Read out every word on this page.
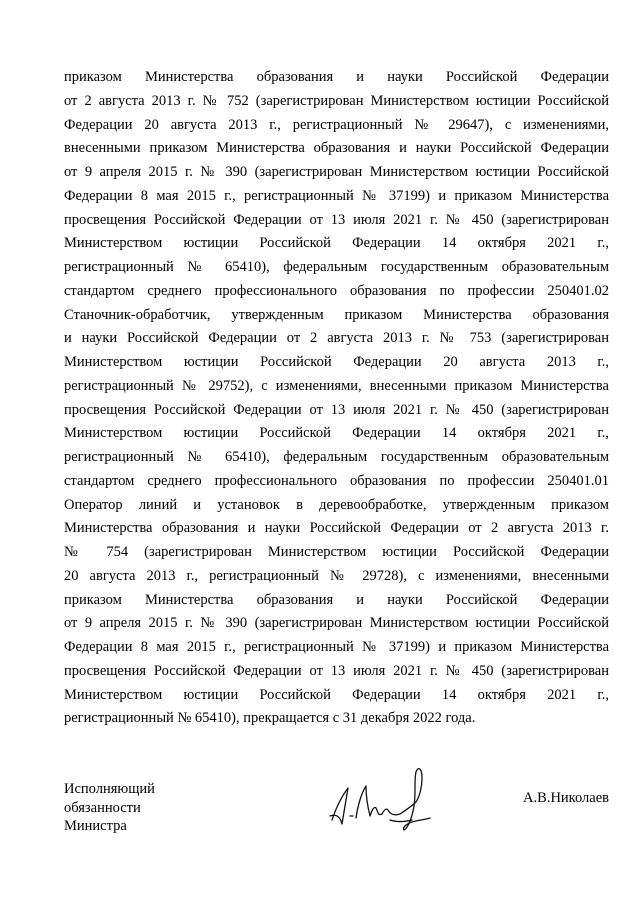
приказом Министерства образования и науки Российской Федерации
от 2 августа 2013 г. № 752 (зарегистрирован Министерством юстиции Российской
Федерации 20 августа 2013 г., регистрационный № 29647), с изменениями,
внесенными приказом Министерства образования и науки Российской Федерации
от 9 апреля 2015 г. № 390 (зарегистрирован Министерством юстиции Российской
Федерации 8 мая 2015 г., регистрационный № 37199) и приказом Министерства
просвещения Российской Федерации от 13 июля 2021 г. № 450 (зарегистрирован
Министерством юстиции Российской Федерации 14 октября 2021 г.,
регистрационный № 65410), федеральным государственным образовательным
стандартом среднего профессионального образования по профессии 250401.02
Станочник-обработчик, утвержденным приказом Министерства образования
и науки Российской Федерации от 2 августа 2013 г. № 753 (зарегистрирован
Министерством юстиции Российской Федерации 20 августа 2013 г.,
регистрационный № 29752), с изменениями, внесенными приказом Министерства
просвещения Российской Федерации от 13 июля 2021 г. № 450 (зарегистрирован
Министерством юстиции Российской Федерации 14 октября 2021 г.,
регистрационный № 65410), федеральным государственным образовательным
стандартом среднего профессионального образования по профессии 250401.01
Оператор линий и установок в деревообработке, утвержденным приказом
Министерства образования и науки Российской Федерации от 2 августа 2013 г.
№ 754 (зарегистрирован Министерством юстиции Российской Федерации
20 августа 2013 г., регистрационный № 29728), с изменениями, внесенными
приказом Министерства образования и науки Российской Федерации
от 9 апреля 2015 г. № 390 (зарегистрирован Министерством юстиции Российской
Федерации 8 мая 2015 г., регистрационный № 37199) и приказом Министерства
просвещения Российской Федерации от 13 июля 2021 г. № 450 (зарегистрирован
Министерством юстиции Российской Федерации 14 октября 2021 г.,
регистрационный № 65410), прекращается с 31 декабря 2022 года.
Исполняющий
обязанности
Министра
А.В.Николаев
